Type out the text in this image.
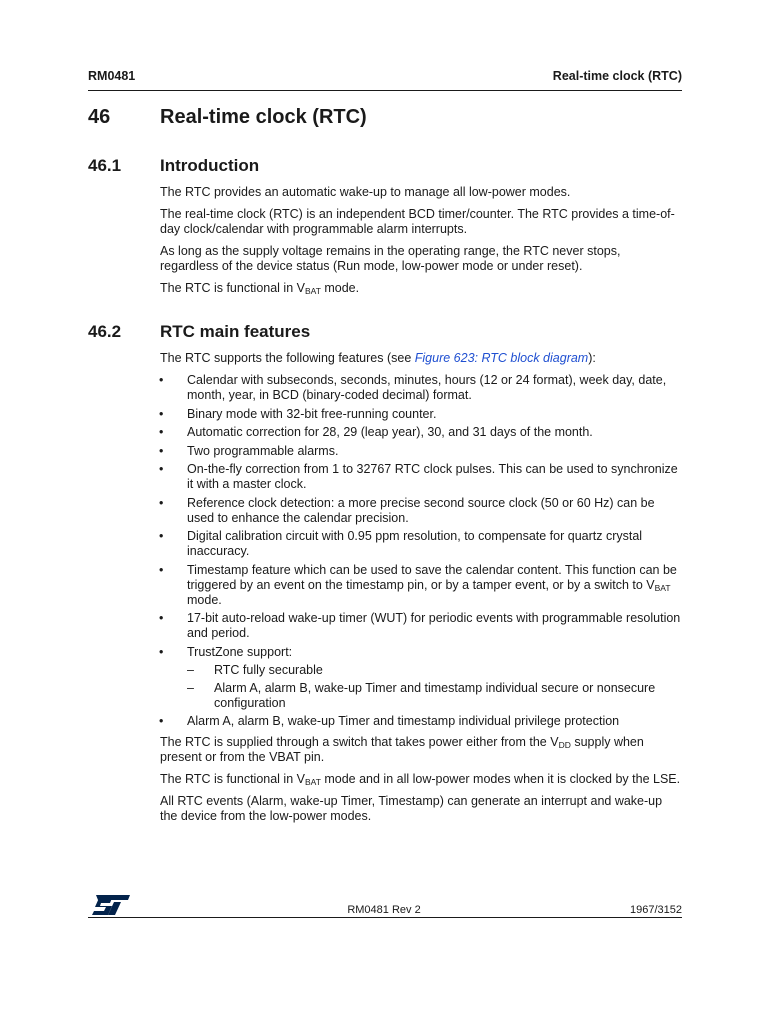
RM0481	Real-time clock (RTC)
46 Real-time clock (RTC)
46.1 Introduction

The RTC provides an automatic wake-up to manage all low-power modes.

The real-time clock (RTC) is an independent BCD timer/counter. The RTC provides a time-of-day clock/calendar with programmable alarm interrupts.

As long as the supply voltage remains in the operating range, the RTC never stops, regardless of the device status (Run mode, low-power mode or under reset).

The RTC is functional in $V_{BAT}$ mode.

46.2 RTC main features

The RTC supports the following features (see Figure 623: RTC block diagram):

• Calendar with subseconds, seconds, minutes, hours (12 or 24 format), week day, date, month, year, in BCD (binary-coded decimal) format.
• Binary mode with 32-bit free-running counter.
• Automatic correction for 28, 29 (leap year), 30, and 31 days of the month.
• Two programmable alarms.
• On-the-fly correction from 1 to 32767 RTC clock pulses. This can be used to synchronize it with a master clock.
• Reference clock detection: a more precise second source clock (50 or 60 Hz) can be used to enhance the calendar precision.
• Digital calibration circuit with 0.95 ppm resolution, to compensate for quartz crystal inaccuracy.
• Timestamp feature which can be used to save the calendar content. This function can be triggered by an event on the timestamp pin, or by a tamper event, or by a switch to $V_{BAT}$ mode.
• 17-bit auto-reload wake-up timer (WUT) for periodic events with programmable resolution and period.
• TrustZone support:
– RTC fully securable
– Alarm A, alarm B, wake-up Timer and timestamp individual secure or nonsecure configuration
• Alarm A, alarm B, wake-up Timer and timestamp individual privilege protection

The RTC is supplied through a switch that takes power either from the $V_{DD}$ supply when present or from the VBAT pin.

The RTC is functional in $V_{BAT}$ mode and in all low-power modes when it is clocked by the LSE.

All RTC events (Alarm, wake-up Timer, Timestamp) can generate an interrupt and wake-up the device from the low-power modes.

RM0481 Rev 2	1967/3152
